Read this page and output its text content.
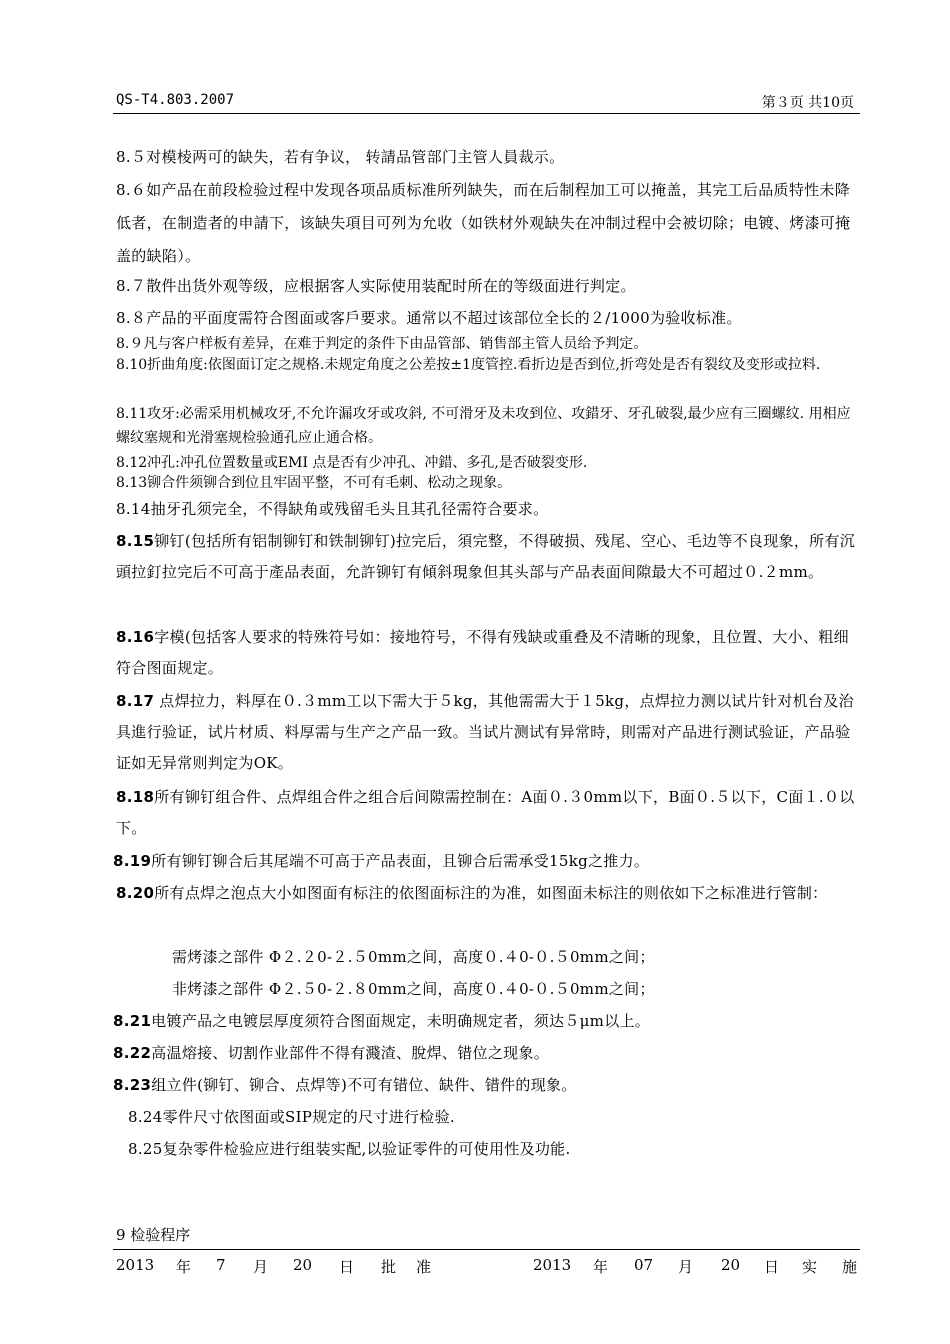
QS-T4.803.2007	第３页 共10页
8.５对模棱两可的缺失，若有争议， 转請品管部门主管人員裁示。
8.６如产品在前段检验过程中发现各项品质标准所列缺失，而在后制程加工可以掩盖，其完工后品质特性未降低者，在制造者的申請下，该缺失項目可列为允收（如铁材外观缺失在冲制过程中会被切除；电镀、烤漆可掩盖的缺陷）。
8.７散件出货外观等级，应根据客人实际使用装配时所在的等级面进行判定。
8.８产品的平面度需符合图面或客戶要求。通常以不超过该部位全长的２/1000为验收标准。
8.９凡与客户样板有差异，在难于判定的条件下由品管部、销售部主管人员给予判定。
8.10折曲角度:依图面订定之规格.未规定角度之公差按±1度管控.看折边是否到位,折弯处是否有裂纹及变形或拉料.
8.11攻牙:必需采用机械攻牙,不允许漏攻牙或攻斜, 不可滑牙及未攻到位、攻錯牙、牙孔破裂,最少应有三圈螺纹. 用相应螺纹塞规和光滑塞规检验通孔应止通合格。
8.12冲孔:冲孔位置数量或EMI 点是否有少冲孔、冲錯、多孔,是否破裂变形.
8.13铆合件须铆合到位且牢固平整，不可有毛刺、松动之现象。
8.14抽牙孔须完全，不得缺角或残留毛头且其孔径需符合要求。
8.15铆钉(包括所有铝制铆钉和铁制铆钉)拉完后，須完整，不得破损、残尾、空心、毛边等不良现象，所有沉頭拉釘拉完后不可高于產品表面，允許铆钉有傾斜現象但其头部与产品表面间隙最大不可超过０.２mm。
8.16字模(包括客人要求的特殊符号如：接地符号，不得有残缺或重叠及不清晰的现象，且位置、大小、粗细符合图面规定。
8.17 点焊拉力，料厚在０.３mm工以下需大于５kg，其他需需大于１5kg，点焊拉力测以试片针对机台及治具進行验证，试片材质、料厚需与生产之产品一致。当试片测试有异常時，則需对产品进行测试验证，产品验证如无异常则判定为OK。
8.18所有铆钉组合件、点焊组合件之组合后间隙需控制在：A面０.３0mm以下，B面０.５以下，C面１.０以下。
8.19所有铆钉铆合后其尾端不可高于产品表面，且铆合后需承受15kg之推力。
8.20所有点焊之泡点大小如图面有标注的依图面标注的为准，如图面未标注的则依如下之标准进行管制：
需烤漆之部件 Φ２.２0-２.５0mm之间，高度０.４0-０.５0mm之间；
非烤漆之部件 Φ２.５0-２.８0mm之间，高度０.４0-０.５0mm之间；
8.21电镀产品之电镀层厚度须符合图面规定，未明确规定者，须达５μm以上。
8.22高温熔接、切割作业部件不得有濺渣、脫焊、错位之现象。
8.23组立件(铆钉、铆合、点焊等)不可有错位、缺件、错件的现象。
8.24零件尺寸依图面或SIP规定的尺寸进行检验.
8.25复杂零件检验应进行组装实配,以验证零件的可使用性及功能.
9 检验程序
2013 年 7 月 20 日 批 准	2013 年 07 月 20 日 实 施
